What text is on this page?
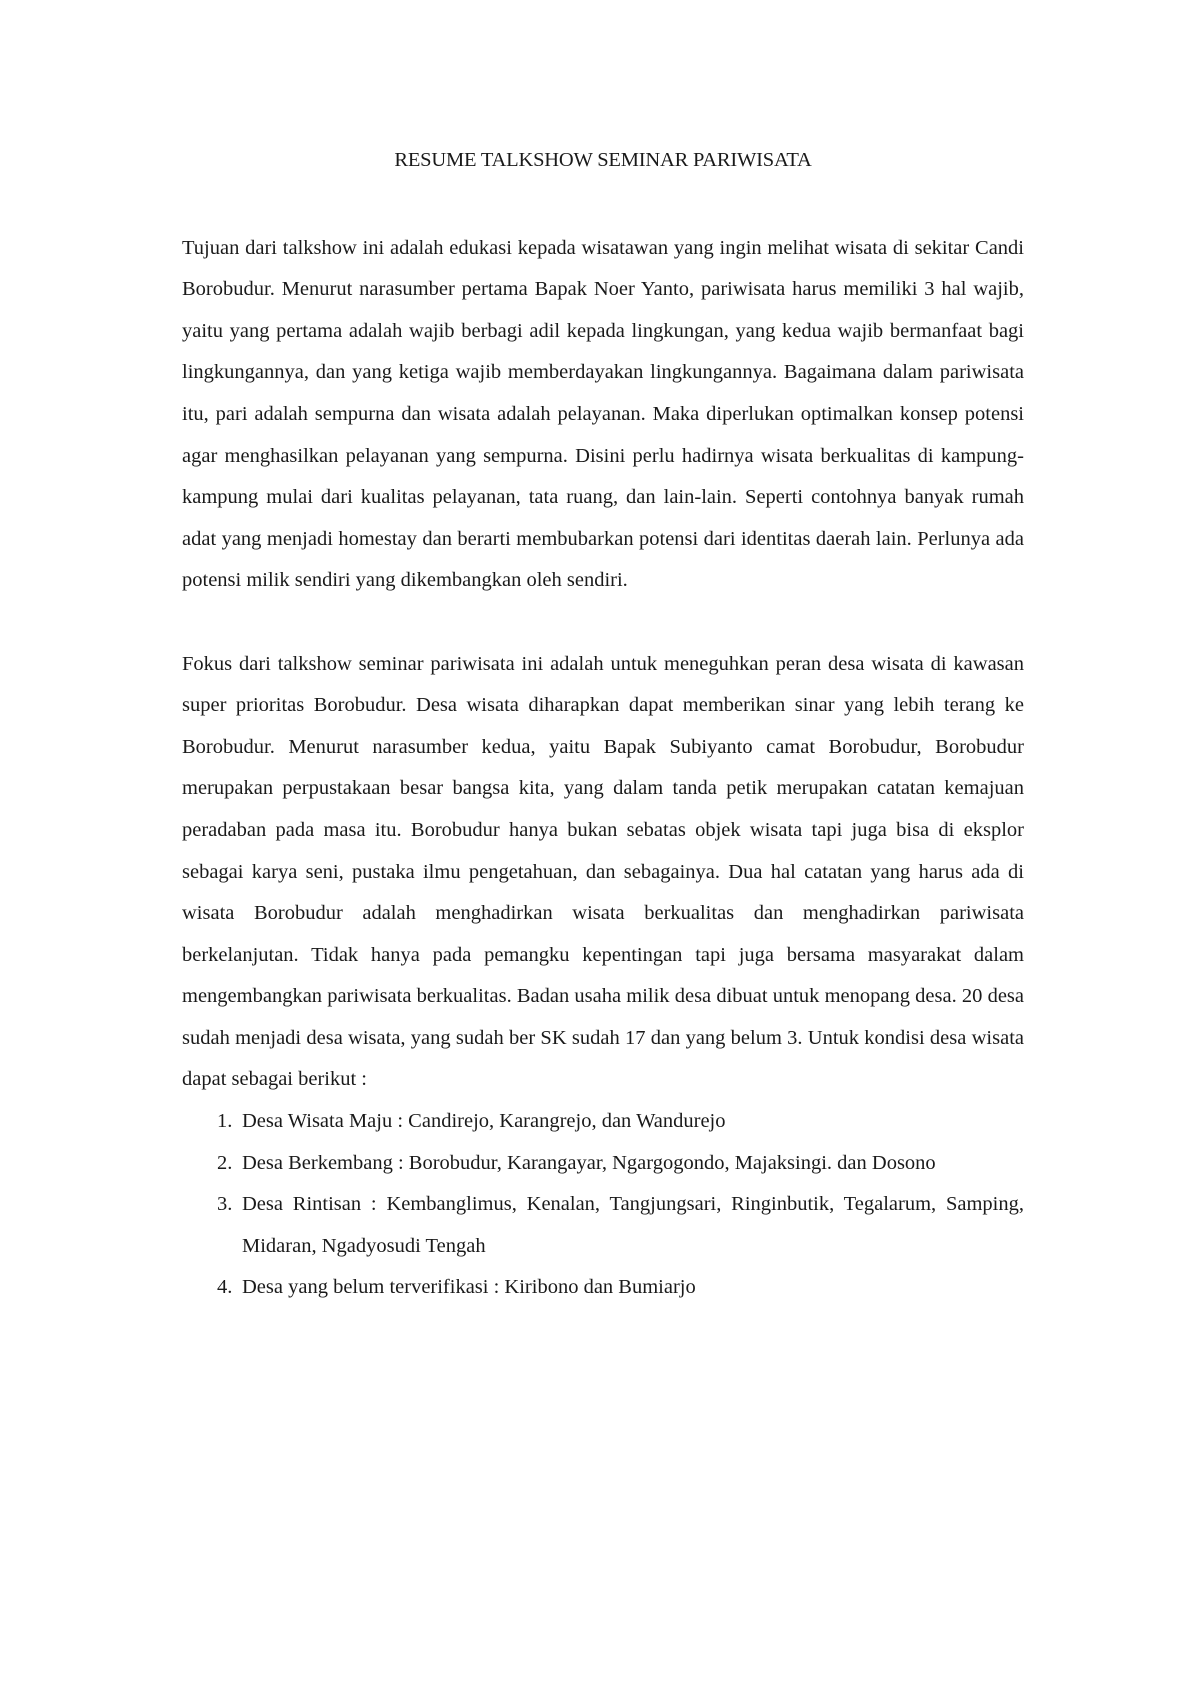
RESUME TALKSHOW SEMINAR PARIWISATA

Tujuan dari talkshow ini adalah edukasi kepada wisatawan yang ingin melihat wisata di sekitar Candi Borobudur. Menurut narasumber pertama Bapak Noer Yanto, pariwisata harus memiliki 3 hal wajib, yaitu yang pertama adalah wajib berbagi adil kepada lingkungan, yang kedua wajib bermanfaat bagi lingkungannya, dan yang ketiga wajib memberdayakan lingkungannya. Bagaimana dalam pariwisata itu, pari adalah sempurna dan wisata adalah pelayanan. Maka diperlukan optimalkan konsep potensi agar menghasilkan pelayanan yang sempurna. Disini perlu hadirnya wisata berkualitas di kampung-kampung mulai dari kualitas pelayanan, tata ruang, dan lain-lain. Seperti contohnya banyak rumah adat yang menjadi homestay dan berarti membubarkan potensi dari identitas daerah lain. Perlunya ada potensi milik sendiri yang dikembangkan oleh sendiri.

Fokus dari talkshow seminar pariwisata ini adalah untuk meneguhkan peran desa wisata di kawasan super prioritas Borobudur. Desa wisata diharapkan dapat memberikan sinar yang lebih terang ke Borobudur. Menurut narasumber kedua, yaitu Bapak Subiyanto camat Borobudur, Borobudur merupakan perpustakaan besar bangsa kita, yang dalam tanda petik merupakan catatan kemajuan peradaban pada masa itu. Borobudur hanya bukan sebatas objek wisata tapi juga bisa di eksplor sebagai karya seni, pustaka ilmu pengetahuan, dan sebagainya. Dua hal catatan yang harus ada di wisata Borobudur adalah menghadirkan wisata berkualitas dan menghadirkan pariwisata berkelanjutan. Tidak hanya pada pemangku kepentingan tapi juga bersama masyarakat dalam mengembangkan pariwisata berkualitas. Badan usaha milik desa dibuat untuk menopang desa. 20 desa sudah menjadi desa wisata, yang sudah ber SK sudah 17 dan yang belum 3. Untuk kondisi desa wisata dapat sebagai berikut :

1. Desa Wisata Maju : Candirejo, Karangrejo, dan Wandurejo
2. Desa Berkembang : Borobudur, Karangayar, Ngargogondo, Majaksingi. dan Dosono
3. Desa Rintisan : Kembanglimus, Kenalan, Tangjungsari, Ringinbutik, Tegalarum, Samping, Midaran, Ngadyosudi Tengah
4. Desa yang belum terverifikasi : Kiribono dan Bumiarjo
